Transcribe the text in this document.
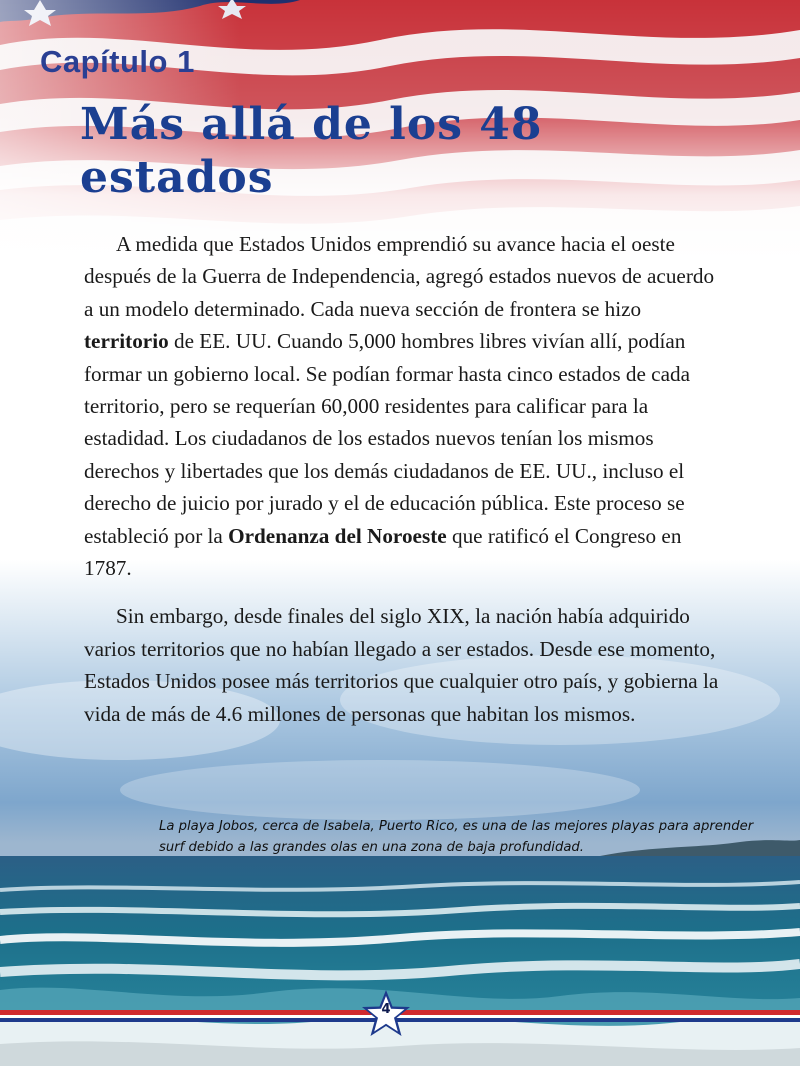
Capítulo 1
Más allá de los 48 estados

A medida que Estados Unidos emprendió su avance hacia el oeste después de la Guerra de Independencia, agregó estados nuevos de acuerdo a un modelo determinado. Cada nueva sección de frontera se hizo territorio de EE. UU. Cuando 5,000 hombres libres vivían allí, podían formar un gobierno local. Se podían formar hasta cinco estados de cada territorio, pero se requerían 60,000 residentes para calificar para la estadidad. Los ciudadanos de los estados nuevos tenían los mismos derechos y libertades que los demás ciudadanos de EE. UU., incluso el derecho de juicio por jurado y el de educación pública. Este proceso se estableció por la Ordenanza del Noroeste que ratificó el Congreso en 1787.

Sin embargo, desde finales del siglo XIX, la nación había adquirido varios territorios que no habían llegado a ser estados. Desde ese momento, Estados Unidos posee más territorios que cualquier otro país, y gobierna la vida de más de 4.6 millones de personas que habitan los mismos.

La playa Jobos, cerca de Isabela, Puerto Rico, es una de las mejores playas para aprender surf debido a las grandes olas en una zona de baja profundidad.

4
